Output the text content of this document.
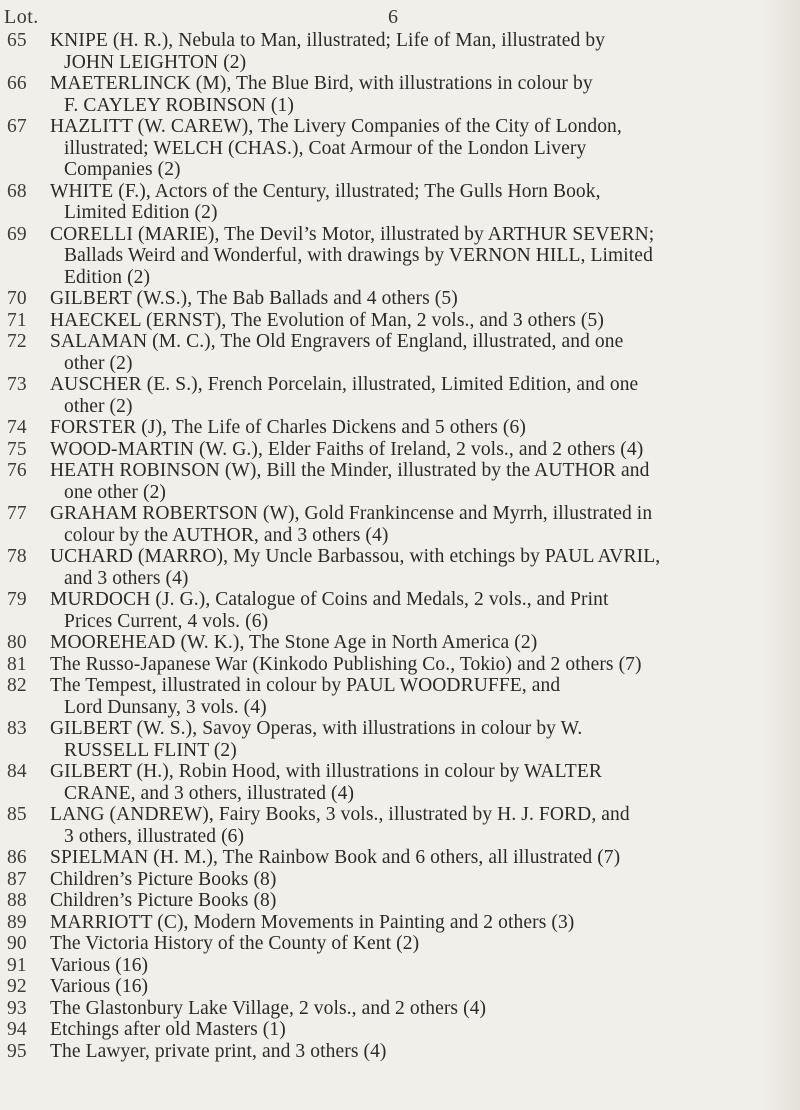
Lot.	6
65	KNIPE (H. R.), Nebula to Man, illustrated; Life of Man, illustrated by
JOHN LEIGHTON (2)
66	MAETERLINCK (M), The Blue Bird, with illustrations in colour by
F. CAYLEY ROBINSON (1)
67	HAZLITT (W. CAREW), The Livery Companies of the City of London,
illustrated; WELCH (CHAS.), Coat Armour of the London Livery
Companies (2)
68	WHITE (F.), Actors of the Century, illustrated; The Gulls Horn Book,
Limited Edition (2)
69	CORELLI (MARIE), The Devil’s Motor, illustrated by ARTHUR SEVERN;
Ballads Weird and Wonderful, with drawings by VERNON HILL, Limited
Edition (2)
70	GILBERT (W.S.), The Bab Ballads and 4 others (5)
71	HAECKEL (ERNST), The Evolution of Man, 2 vols., and 3 others (5)
72	SALAMAN (M. C.), The Old Engravers of England, illustrated, and one
other (2)
73	AUSCHER (E. S.), French Porcelain, illustrated, Limited Edition, and one
other (2)
74	FORSTER (J), The Life of Charles Dickens and 5 others (6)
75	WOOD-MARTIN (W. G.), Elder Faiths of Ireland, 2 vols., and 2 others (4)
76	HEATH ROBINSON (W), Bill the Minder, illustrated by the AUTHOR and
one other (2)
77	GRAHAM ROBERTSON (W), Gold Frankincense and Myrrh, illustrated in
colour by the AUTHOR, and 3 others (4)
78	UCHARD (MARRO), My Uncle Barbassou, with etchings by PAUL AVRIL,
and 3 others (4)
79	MURDOCH (J. G.), Catalogue of Coins and Medals, 2 vols., and Print
Prices Current, 4 vols. (6)
80	MOOREHEAD (W. K.), The Stone Age in North America (2)
81	The Russo-Japanese War (Kinkodo Publishing Co., Tokio) and 2 others (7)
82	The Tempest, illustrated in colour by PAUL WOODRUFFE, and
Lord Dunsany, 3 vols. (4)
83	GILBERT (W. S.), Savoy Operas, with illustrations in colour by W.
RUSSELL FLINT (2)
84	GILBERT (H.), Robin Hood, with illustrations in colour by WALTER
CRANE, and 3 others, illustrated (4)
85	LANG (ANDREW), Fairy Books, 3 vols., illustrated by H. J. FORD, and
3 others, illustrated (6)
86	SPIELMAN (H. M.), The Rainbow Book and 6 others, all illustrated (7)
87	Children’s Picture Books (8)
88	Children’s Picture Books (8)
89	MARRIOTT (C), Modern Movements in Painting and 2 others (3)
90	The Victoria History of the County of Kent (2)
91	Various (16)
92	Various (16)
93	The Glastonbury Lake Village, 2 vols., and 2 others (4)
94	Etchings after old Masters (1)
95	The Lawyer, private print, and 3 others (4)
